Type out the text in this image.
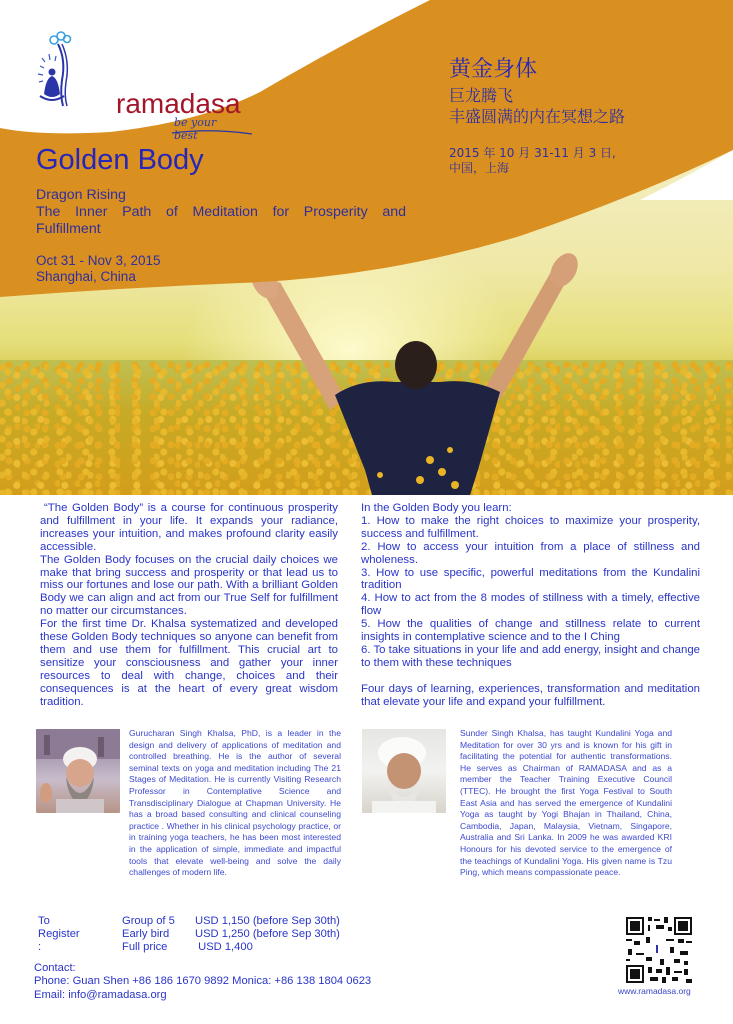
ramadasa
be your best
Golden Body
Dragon Rising
The Inner Path of Meditation for Prosperity and
Fulfillment
Oct 31 - Nov 3, 2015
Shanghai, China
黄金身体
巨龙腾飞
丰盛圆满的内在冥想之路
2015 年 10 月 31-11 月 3 日,
中国，上海

“The Golden Body” is a course for continuous prosperity and fulfillment in your life. It expands your radiance, increases your intuition, and makes profound clarity easily accessible.

The Golden Body focuses on the crucial daily choices we make that bring success and prosperity or that lead us to miss our fortunes and lose our path. With a brilliant Golden Body we can align and act from our True Self for fulfillment no matter our circumstances.

For the first time Dr. Khalsa systematized and developed these Golden Body techniques so anyone can benefit from them and use them for fulfillment. This crucial art to sensitize your consciousness and gather your inner resources to deal with change, choices and their consequences is at the heart of every great wisdom tradition.

In the Golden Body you learn:

1. How to make the right choices to maximize your prosperity, success and fulfillment.

2. How to access your intuition from a place of stillness and wholeness.

3. How to use specific, powerful meditations from the Kundalini tradition

4. How to act from the 8 modes of stillness with a timely, effective flow

5. How the qualities of change and stillness relate to current insights in contemplative science and to the I Ching

6. To take situations in your life and add energy, insight and change to them with these techniques

Four days of learning, experiences, transformation and meditation that elevate your life and expand your fulfillment.

Gurucharan Singh Khalsa, PhD, is a leader in the design and delivery of applications of meditation and controlled breathing. He is the author of several seminal texts on yoga and meditation including The 21 Stages of Meditation. He is currently Visiting Research Professor in Contemplative Science and Transdisciplinary Dialogue at Chapman University. He has a broad based consulting and clinical counseling practice . Whether in his clinical psychology practice, or in training yoga teachers, he has been most interested in the application of simple, immediate and impactful tools that elevate well-being and solve the daily challenges of modern life.
Sunder Singh Khalsa, has taught Kundalini Yoga and Meditation for over 30 yrs and is known for his gift in facilitating the potential for authentic transformations. He serves as Chairman of RAMADASA and as a member the Teacher Training Executive Council (TTEC). He brought the first Yoga Festival to South East Asia and has served the emergence of Kundalini Yoga as taught by Yogi Bhajan in Thailand, China, Cambodia, Japan, Malaysia, Vietnam, Singapore, Australia and Sri Lanka. In 2009 he was awarded KRI Honours for his devoted service to the emergence of the teachings of Kundalini Yoga. His given name is Tzu Ping, which means compassionate peace.
To Register :
Group of 5 USD 1,150 (before Sep 30th)
Early bird USD 1,250 (before Sep 30th)
Full price USD 1,400
Contact:
Phone: Guan Shen +86 186 1670 9892 Monica: +86 138 1804 0623
Email: info@ramadasa.org	www.ramadasa.org
